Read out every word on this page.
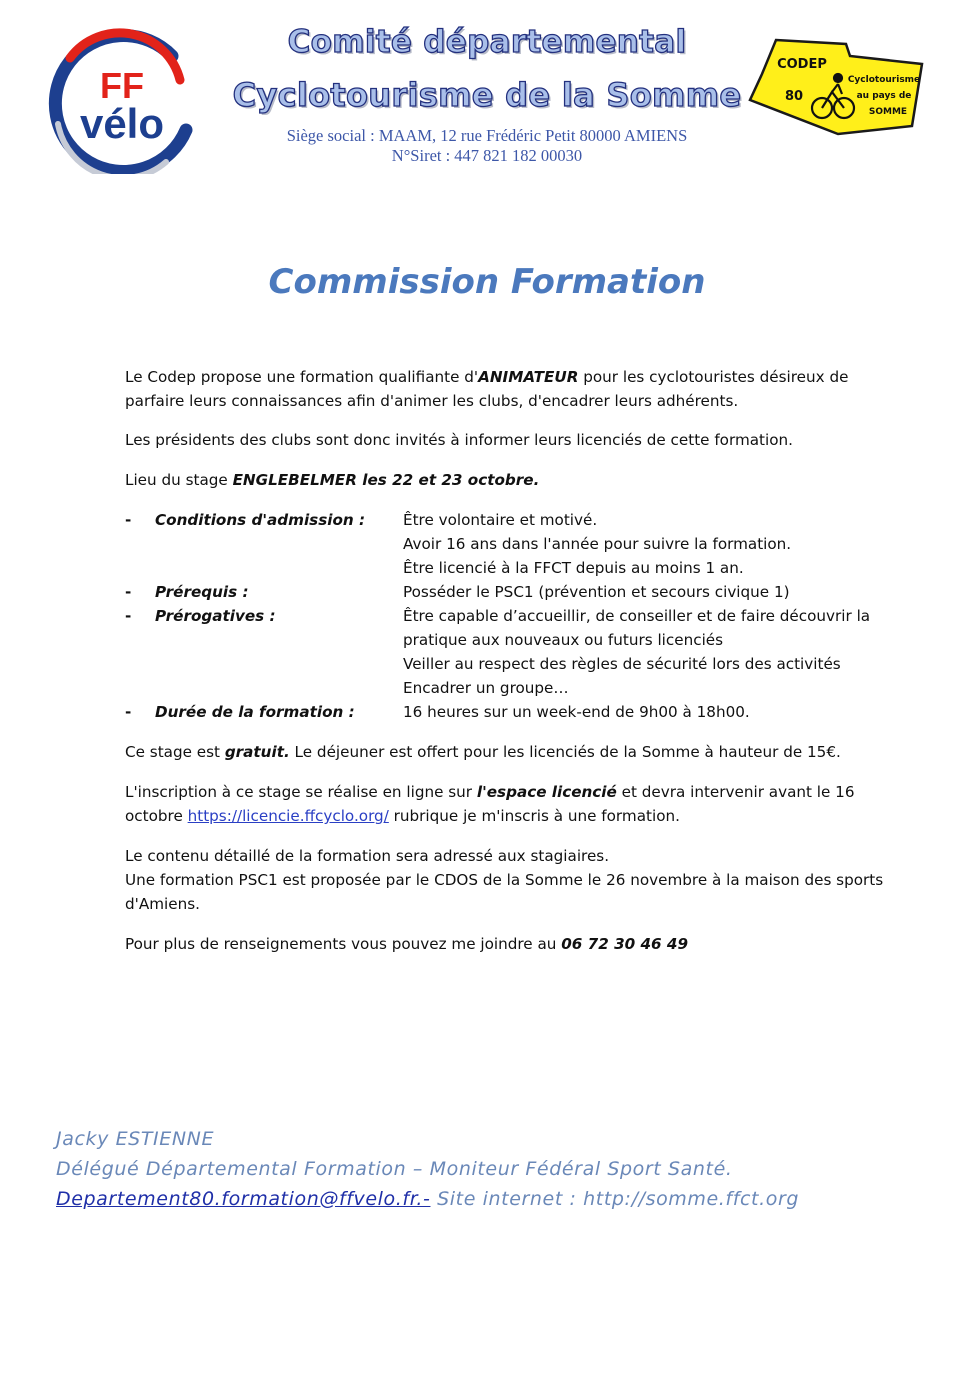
FF
vélo
Comité départemental
Cyclotourisme de la Somme
Siège social : MAAM, 12 rue Frédéric Petit 80000 AMIENS
N°Siret : 447 821 182 00030
CODEP
80
Cyclotourisme
au pays de
SOMME
Commission Formation

Le Codep propose une formation qualifiante d'ANIMATEUR pour les cyclotouristes désireux de parfaire leurs connaissances afin d'animer les clubs, d'encadrer leurs adhérents.

Les présidents des clubs sont donc invités à informer leurs licenciés de cette formation.

Lieu du stage ENGLEBELMER les 22 et 23 octobre.

- Conditions d'admission : Être volontaire et motivé.
Avoir 16 ans dans l'année pour suivre la formation.
Être licencié à la FFCT depuis au moins 1 an.
- Prérequis :	Posséder le PSC1 (prévention et secours civique 1)
- Prérogatives :	Être capable d’accueillir, de conseiller et de faire découvrir la pratique aux nouveaux ou futurs licenciés
Veiller au respect des règles de sécurité lors des activités
Encadrer un groupe…
- Durée de la formation :	16 heures sur un week-end de 9h00 à 18h00.

Ce stage est gratuit. Le déjeuner est offert pour les licenciés de la Somme à hauteur de 15€.

L'inscription à ce stage se réalise en ligne sur l'espace licencié et devra intervenir avant le 16 octobre https://licencie.ffcyclo.org/ rubrique je m'inscris à une formation.

Le contenu détaillé de la formation sera adressé aux stagiaires.
Une formation PSC1 est proposée par le CDOS de la Somme le 26 novembre à la maison des sports d'Amiens.

Pour plus de renseignements vous pouvez me joindre au 06 72 30 46 49

Jacky ESTIENNE
Délégué Départemental Formation – Moniteur Fédéral Sport Santé.
Departement80.formation@ffvelo.fr.- Site internet : http://somme.ffct.org
